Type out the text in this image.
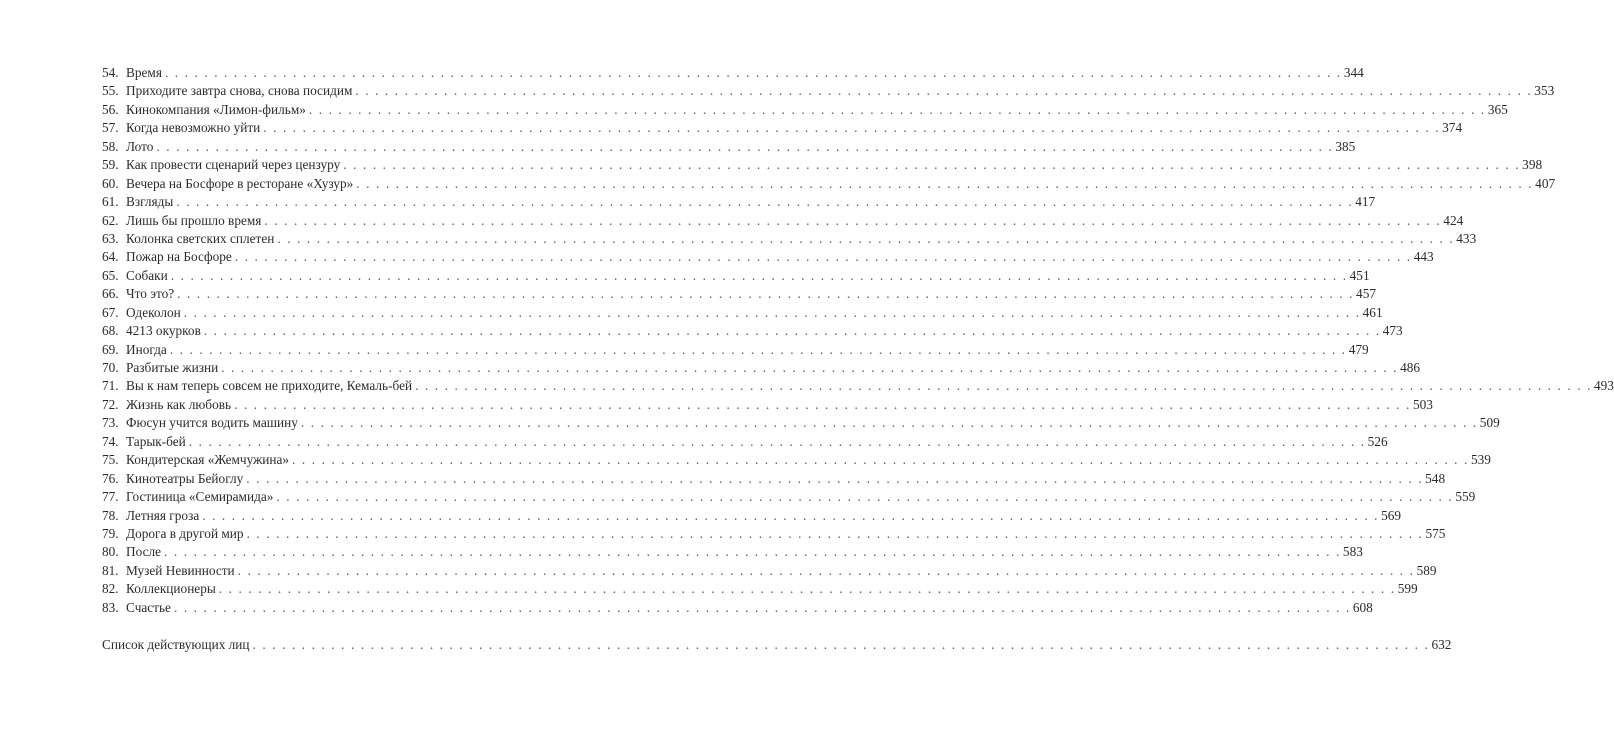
54. Время . . . . . . . . . . . . . . . . . . . . . . . . . . . . . . . . . . . . . . . . . . . . . . . . . . . . . . . . . . . . . . . . . . . . . . . . . . . . . . . . . . . . . . . . . . . . . . . . . . . . . . . . . . . . . . . . . . . . . . . . 344
55. Приходите завтра снова, снова посидим . . . . . . . . . . . . . . . . . . . . . . . . . . . . . . . . . . . . . . . . . . . . . . . . . . . . . . . . . . . . . . . . . . . . . . . . . . . . . . . . . . . . . . . . . . . . . . . . . . . . . . . . . . . . . . . . . . . . . . . . 353
56. Кинокомпания «Лимон-фильм» . . . . . . . . . . . . . . . . . . . . . . . . . . . . . . . . . . . . . . . . . . . . . . . . . . . . . . . . . . . . . . . . . . . . . . . . . . . . . . . . . . . . . . . . . . . . . . . . . . . . . . . . . . . . . . . . . . . . . . . . 365
57. Когда невозможно уйти . . . . . . . . . . . . . . . . . . . . . . . . . . . . . . . . . . . . . . . . . . . . . . . . . . . . . . . . . . . . . . . . . . . . . . . . . . . . . . . . . . . . . . . . . . . . . . . . . . . . . . . . . . . . . . . . . . . . . . . . 374
58. Лото . . . . . . . . . . . . . . . . . . . . . . . . . . . . . . . . . . . . . . . . . . . . . . . . . . . . . . . . . . . . . . . . . . . . . . . . . . . . . . . . . . . . . . . . . . . . . . . . . . . . . . . . . . . . . . . . . . . . . . . . 385
59. Как провести сценарий через цензуру . . . . . . . . . . . . . . . . . . . . . . . . . . . . . . . . . . . . . . . . . . . . . . . . . . . . . . . . . . . . . . . . . . . . . . . . . . . . . . . . . . . . . . . . . . . . . . . . . . . . . . . . . . . . . . . . . . . . . . . . 398
60. Вечера на Босфоре в ресторане «Хузур» . . . . . . . . . . . . . . . . . . . . . . . . . . . . . . . . . . . . . . . . . . . . . . . . . . . . . . . . . . . . . . . . . . . . . . . . . . . . . . . . . . . . . . . . . . . . . . . . . . . . . . . . . . . . . . . . . . . . . . . . 407
61. Взгляды . . . . . . . . . . . . . . . . . . . . . . . . . . . . . . . . . . . . . . . . . . . . . . . . . . . . . . . . . . . . . . . . . . . . . . . . . . . . . . . . . . . . . . . . . . . . . . . . . . . . . . . . . . . . . . . . . . . . . . . . 417
62. Лишь бы прошло время . . . . . . . . . . . . . . . . . . . . . . . . . . . . . . . . . . . . . . . . . . . . . . . . . . . . . . . . . . . . . . . . . . . . . . . . . . . . . . . . . . . . . . . . . . . . . . . . . . . . . . . . . . . . . . . . . . . . . . . . 424
63. Колонка светских сплетен . . . . . . . . . . . . . . . . . . . . . . . . . . . . . . . . . . . . . . . . . . . . . . . . . . . . . . . . . . . . . . . . . . . . . . . . . . . . . . . . . . . . . . . . . . . . . . . . . . . . . . . . . . . . . . . . . . . . . . . . 433
64. Пожар на Босфоре . . . . . . . . . . . . . . . . . . . . . . . . . . . . . . . . . . . . . . . . . . . . . . . . . . . . . . . . . . . . . . . . . . . . . . . . . . . . . . . . . . . . . . . . . . . . . . . . . . . . . . . . . . . . . . . . . . . . . . . . 443
65. Собаки . . . . . . . . . . . . . . . . . . . . . . . . . . . . . . . . . . . . . . . . . . . . . . . . . . . . . . . . . . . . . . . . . . . . . . . . . . . . . . . . . . . . . . . . . . . . . . . . . . . . . . . . . . . . . . . . . . . . . . . . 451
66. Что это? . . . . . . . . . . . . . . . . . . . . . . . . . . . . . . . . . . . . . . . . . . . . . . . . . . . . . . . . . . . . . . . . . . . . . . . . . . . . . . . . . . . . . . . . . . . . . . . . . . . . . . . . . . . . . . . . . . . . . . . . 457
67. Одеколон . . . . . . . . . . . . . . . . . . . . . . . . . . . . . . . . . . . . . . . . . . . . . . . . . . . . . . . . . . . . . . . . . . . . . . . . . . . . . . . . . . . . . . . . . . . . . . . . . . . . . . . . . . . . . . . . . . . . . . . . 461
68. 4213 окурков . . . . . . . . . . . . . . . . . . . . . . . . . . . . . . . . . . . . . . . . . . . . . . . . . . . . . . . . . . . . . . . . . . . . . . . . . . . . . . . . . . . . . . . . . . . . . . . . . . . . . . . . . . . . . . . . . . . . . . . . 473
69. Иногда . . . . . . . . . . . . . . . . . . . . . . . . . . . . . . . . . . . . . . . . . . . . . . . . . . . . . . . . . . . . . . . . . . . . . . . . . . . . . . . . . . . . . . . . . . . . . . . . . . . . . . . . . . . . . . . . . . . . . . . . 479
70. Разбитые жизни . . . . . . . . . . . . . . . . . . . . . . . . . . . . . . . . . . . . . . . . . . . . . . . . . . . . . . . . . . . . . . . . . . . . . . . . . . . . . . . . . . . . . . . . . . . . . . . . . . . . . . . . . . . . . . . . . . . . . . . . 486
71. Вы к нам теперь совсем не приходите, Кемаль-бей . . . . . . . . . . . . . . . . . . . . . . . . . . . . . . . . . . . . . . . . . . . . . . . . . . . . . . . . . . . . . . . . . . . . . . . . . . . . . . . . . . . . . . . . . . . . . . . . . . . . . . . . . . . . . . . . . . . . . . . . 493
72. Жизнь как любовь . . . . . . . . . . . . . . . . . . . . . . . . . . . . . . . . . . . . . . . . . . . . . . . . . . . . . . . . . . . . . . . . . . . . . . . . . . . . . . . . . . . . . . . . . . . . . . . . . . . . . . . . . . . . . . . . . . . . . . . . 503
73. Фюсун учится водить машину . . . . . . . . . . . . . . . . . . . . . . . . . . . . . . . . . . . . . . . . . . . . . . . . . . . . . . . . . . . . . . . . . . . . . . . . . . . . . . . . . . . . . . . . . . . . . . . . . . . . . . . . . . . . . . . . . . . . . . . . 509
74. Тарык-бей . . . . . . . . . . . . . . . . . . . . . . . . . . . . . . . . . . . . . . . . . . . . . . . . . . . . . . . . . . . . . . . . . . . . . . . . . . . . . . . . . . . . . . . . . . . . . . . . . . . . . . . . . . . . . . . . . . . . . . . . 526
75. Кондитерская «Жемчужина» . . . . . . . . . . . . . . . . . . . . . . . . . . . . . . . . . . . . . . . . . . . . . . . . . . . . . . . . . . . . . . . . . . . . . . . . . . . . . . . . . . . . . . . . . . . . . . . . . . . . . . . . . . . . . . . . . . . . . . . . 539
76. Кинотеатры Бейоглу . . . . . . . . . . . . . . . . . . . . . . . . . . . . . . . . . . . . . . . . . . . . . . . . . . . . . . . . . . . . . . . . . . . . . . . . . . . . . . . . . . . . . . . . . . . . . . . . . . . . . . . . . . . . . . . . . . . . . . . . 548
77. Гостиница «Семирамида» . . . . . . . . . . . . . . . . . . . . . . . . . . . . . . . . . . . . . . . . . . . . . . . . . . . . . . . . . . . . . . . . . . . . . . . . . . . . . . . . . . . . . . . . . . . . . . . . . . . . . . . . . . . . . . . . . . . . . . . . 559
78. Летняя гроза . . . . . . . . . . . . . . . . . . . . . . . . . . . . . . . . . . . . . . . . . . . . . . . . . . . . . . . . . . . . . . . . . . . . . . . . . . . . . . . . . . . . . . . . . . . . . . . . . . . . . . . . . . . . . . . . . . . . . . . . 569
79. Дорога в другой мир . . . . . . . . . . . . . . . . . . . . . . . . . . . . . . . . . . . . . . . . . . . . . . . . . . . . . . . . . . . . . . . . . . . . . . . . . . . . . . . . . . . . . . . . . . . . . . . . . . . . . . . . . . . . . . . . . . . . . . . . 575
80. После . . . . . . . . . . . . . . . . . . . . . . . . . . . . . . . . . . . . . . . . . . . . . . . . . . . . . . . . . . . . . . . . . . . . . . . . . . . . . . . . . . . . . . . . . . . . . . . . . . . . . . . . . . . . . . . . . . . . . . . . 583
81. Музей Невинности . . . . . . . . . . . . . . . . . . . . . . . . . . . . . . . . . . . . . . . . . . . . . . . . . . . . . . . . . . . . . . . . . . . . . . . . . . . . . . . . . . . . . . . . . . . . . . . . . . . . . . . . . . . . . . . . . . . . . . . . 589
82. Коллекционеры . . . . . . . . . . . . . . . . . . . . . . . . . . . . . . . . . . . . . . . . . . . . . . . . . . . . . . . . . . . . . . . . . . . . . . . . . . . . . . . . . . . . . . . . . . . . . . . . . . . . . . . . . . . . . . . . . . . . . . . . 599
83. Счастье . . . . . . . . . . . . . . . . . . . . . . . . . . . . . . . . . . . . . . . . . . . . . . . . . . . . . . . . . . . . . . . . . . . . . . . . . . . . . . . . . . . . . . . . . . . . . . . . . . . . . . . . . . . . . . . . . . . . . . . . 608
Список действующих лиц . . . . . . . . . . . . . . . . . . . . . . . . . . . . . . . . . . . . . . . . . . . . . . . . . . . . . . . . . . . . . . . . . . . . . . . . . . . . . . . . . . . . . . . . . . . . . . . . . . . . . . . . . . . . . . . . . . . . . . . . 632
